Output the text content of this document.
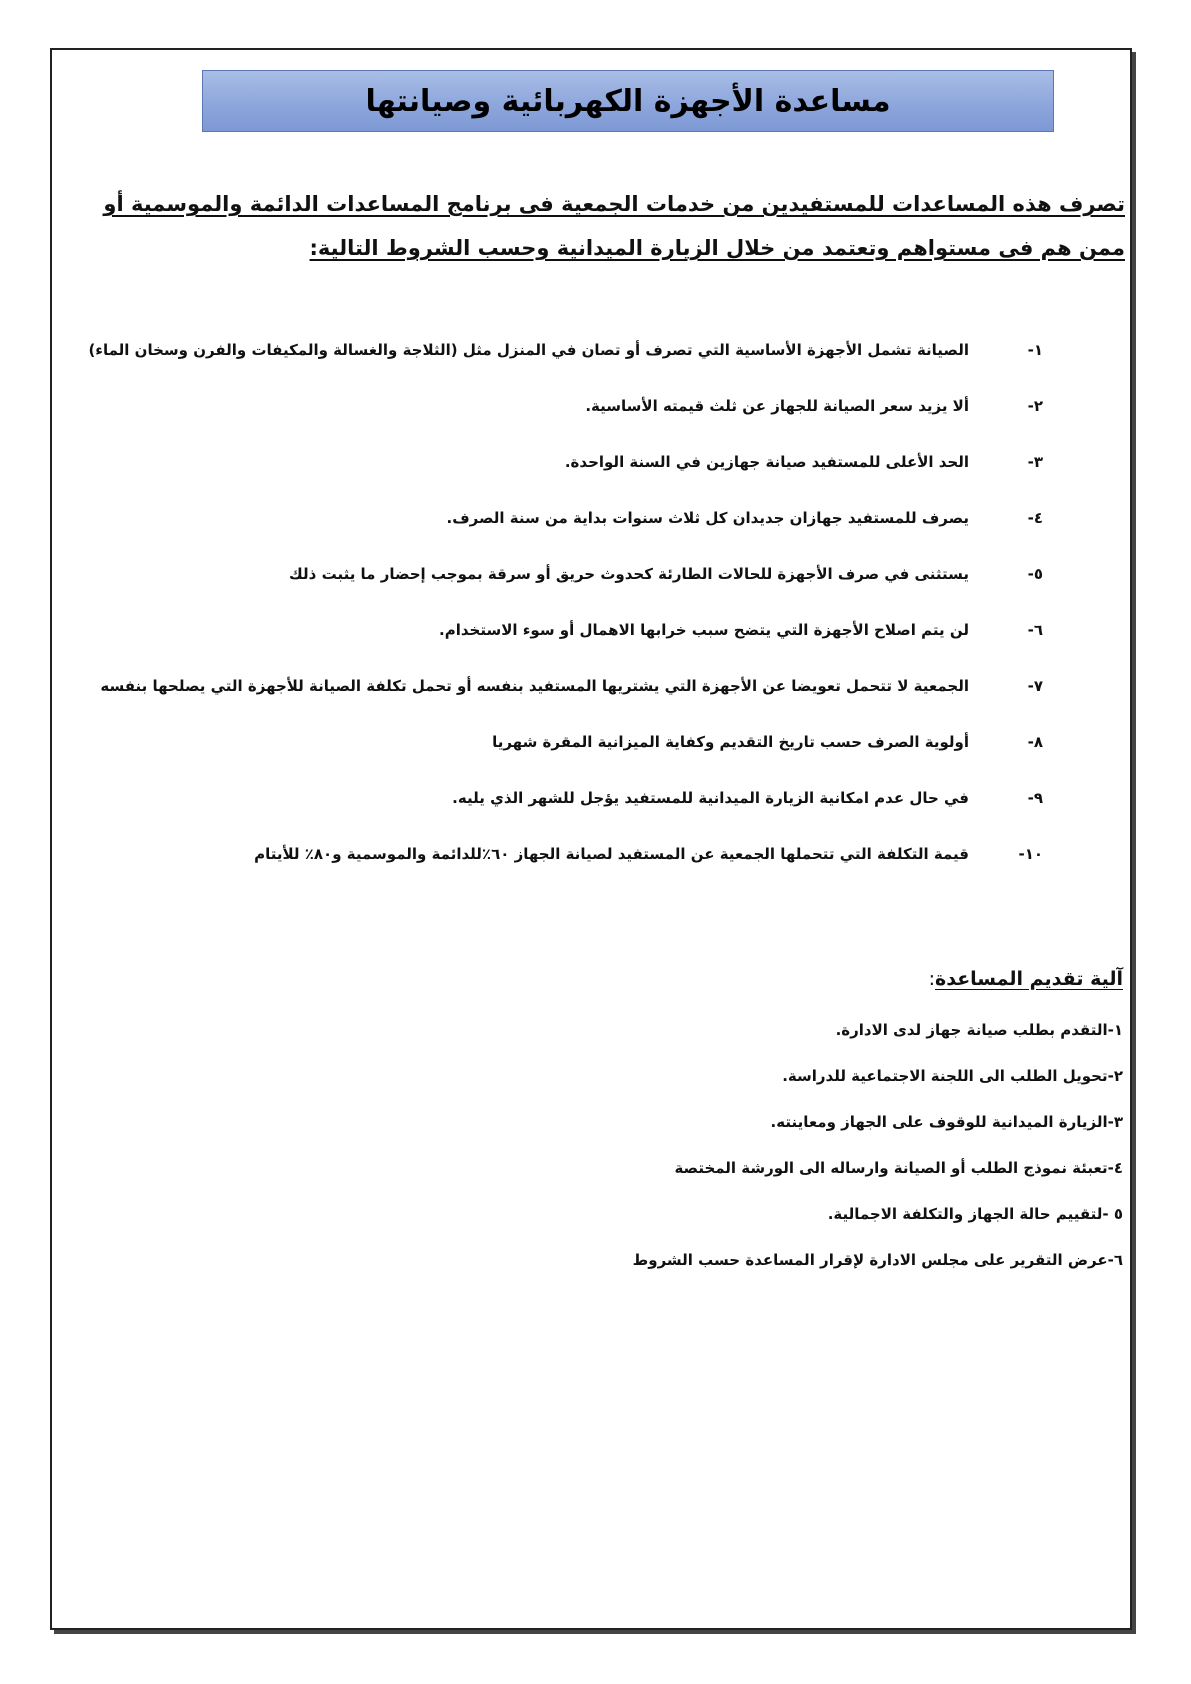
مساعدة الأجهزة الكهربائية وصيانتها
تصرف هذه المساعدات للمستفيدين من خدمات الجمعية فى برنامج المساعدات الدائمة والموسمية أو ممن هم فى مستواهم وتعتمد من خلال الزيارة الميدانية وحسب الشروط التالية:
١-
الصيانة تشمل الأجهزة الأساسية التي تصرف أو تصان في المنزل مثل (الثلاجة والغسالة والمكيفات والفرن وسخان الماء)
٢-
ألا يزيد سعر الصيانة للجهاز عن ثلث قيمته الأساسية.
٣-
الحد الأعلى للمستفيد صيانة جهازين في السنة الواحدة.
٤-
يصرف للمستفيد جهازان جديدان كل ثلاث سنوات بداية من سنة الصرف.
٥-
يستثنى في صرف الأجهزة للحالات الطارئة كحدوث حريق أو سرقة بموجب إحضار ما يثبت ذلك
٦-
لن يتم اصلاح الأجهزة التي يتضح سبب خرابها الاهمال أو سوء الاستخدام.
٧-
الجمعية لا تتحمل تعويضا عن الأجهزة التي يشتريها المستفيد بنفسه أو تحمل تكلفة الصيانة للأجهزة التي يصلحها بنفسه
٨-
أولوية الصرف حسب تاريخ التقديم وكفاية الميزانية المقرة شهريا
٩-
في حال عدم امكانية الزيارة الميدانية للمستفيد يؤجل للشهر الذي يليه.
١٠-
قيمة التكلفة التي تتحملها الجمعية عن المستفيد لصيانة الجهاز ٦٠٪للدائمة والموسمية و٨٠٪ للأيتام
آلية تقديم المساعدة:
١-التقدم بطلب صيانة جهاز لدى الادارة.
٢-تحويل الطلب الى اللجنة الاجتماعية للدراسة.
٣-الزيارة الميدانية للوقوف على الجهاز ومعاينته.
٤-تعبئة نموذج الطلب أو الصيانة وارساله الى الورشة المختصة
٥ -لتقييم حالة الجهاز والتكلفة الاجمالية.
٦-عرض التقرير على مجلس الادارة لإقرار المساعدة حسب الشروط
